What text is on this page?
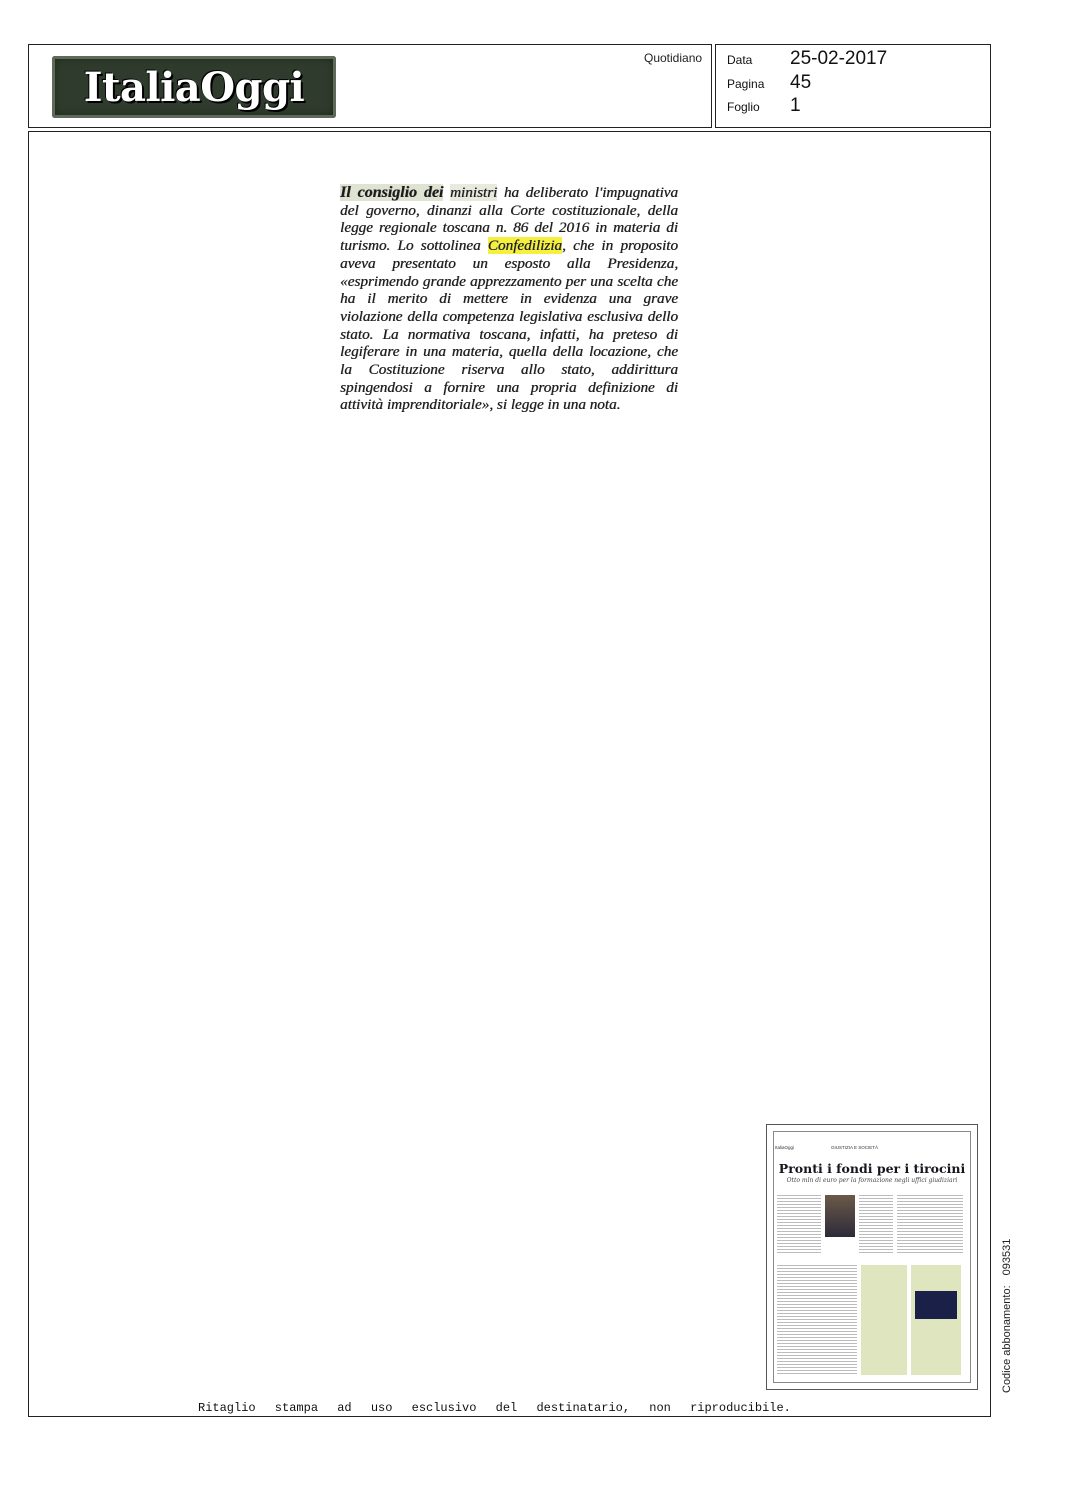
ItaliaOggi
Quotidiano Data 25-02-2017
Pagina 45
Foglio 1
Il consiglio dei ministri ha deliberato l'impugnativa del governo, dinanzi alla Corte costituzionale, della legge regionale toscana n. 86 del 2016 in materia di turismo. Lo sottolinea Confedilizia, che in proposito aveva presentato un esposto alla Presidenza, «esprimendo grande apprezzamento per una scelta che ha il merito di mettere in evidenza una grave violazione della competenza legislativa esclusiva dello stato. La normativa toscana, infatti, ha preteso di legiferare in una materia, quella della locazione, che la Costituzione riserva allo stato, addirittura spingendosi a fornire una propria definizione di attività imprenditoriale», si legge in una nota.
ItaliaOggi	GIUSTIZIA E SOCIETÀ
Pronti i fondi per i tirocini
Otto mln di euro per la formazione negli uffici giudiziari
Codice abbonamento:093531
Ritaglio stampa ad uso esclusivo del destinatario, non riproducibile.
